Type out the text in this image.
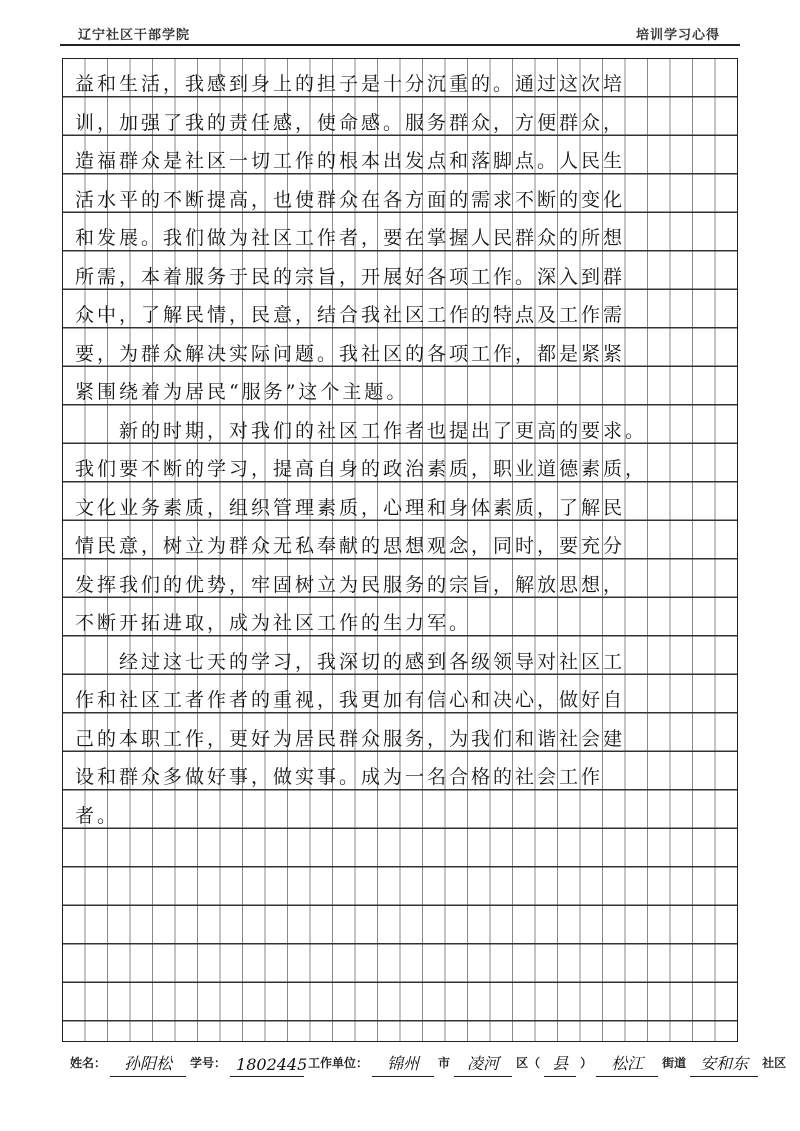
辽宁社区干部学院	培训学习心得
益和生活，我感到身上的担子是十分沉重的。通过这次培
训，加强了我的责任感，使命感。服务群众，方便群众，
造福群众是社区一切工作的根本出发点和落脚点。人民生
活水平的不断提高，也使群众在各方面的需求不断的变化
和发展。我们做为社区工作者，要在掌握人民群众的所想
所需，本着服务于民的宗旨，开展好各项工作。深入到群
众中，了解民情，民意，结合我社区工作的特点及工作需
要，为群众解决实际问题。我社区的各项工作，都是紧紧
紧围绕着为居民“服务”这个主题。
新的时期，对我们的社区工作者也提出了更高的要求。
我们要不断的学习，提高自身的政治素质，职业道德素质，
文化业务素质，组织管理素质，心理和身体素质，了解民
情民意，树立为群众无私奉献的思想观念，同时，要充分
发挥我们的优势，牢固树立为民服务的宗旨，解放思想，
不断开拓进取，成为社区工作的生力军。
经过这七天的学习，我深切的感到各级领导对社区工
作和社区工者作者的重视，我更加有信心和决心，做好自
己的本职工作，更好为居民群众服务，为我们和谐社会建
设和群众多做好事，做实事。成为一名合格的社会工作
者。
姓名：	孙阳松	学号： 1802445 工作单位：	锦州	市	凌河	区（ 县	）	松江	街道 安和东	社区
